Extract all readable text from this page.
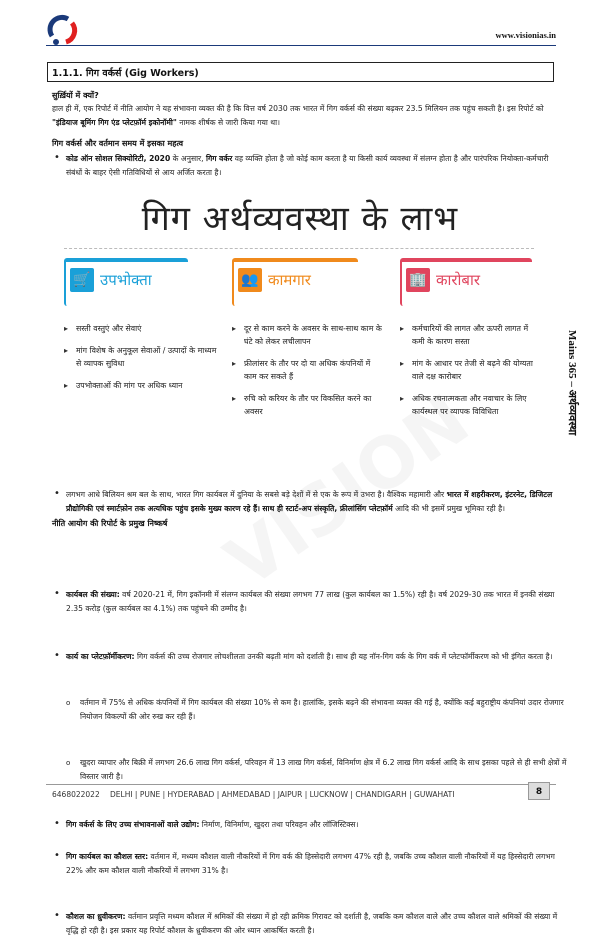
www.visionias.in
1.1.1. गिग वर्कर्स (Gig Workers)
सुर्ख़ियों में क्यों?
हाल ही में, एक रिपोर्ट में नीति आयोग ने यह संभावना व्यक्त की है कि वित्त वर्ष 2030 तक भारत में गिग वर्कर्स की संख्या बढ़कर 23.5 मिलियन तक पहुंच सकती है। इस रिपोर्ट को "इंडियाज बूमिंग गिग एंड प्लेटफ़ॉर्म इकोनॉमी" नामक शीर्षक से जारी किया गया था।
गिग वर्कर्स और वर्तमान समय में इसका महत्व
• कोड ऑन सोशल सिक्योरिटी, 2020 के अनुसार, गिग वर्कर वह व्यक्ति होता है जो कोई काम करता है या किसी कार्य व्यवस्था में संलग्न होता है और पारंपरिक नियोक्ता-कर्मचारी संबंधों के बाहर ऐसी गतिविधियों से आय अर्जित करता है।
गिग अर्थव्यवस्था के लाभ
🛒 उपभोक्ता	👥 कामगार	🏢 कारोबार
▸ सस्ती वस्तुएं और सेवाएं
▸ मांग विशेष के अनुकूल सेवाओं / उत्पादों के माध्यम से व्यापक सुविधा
▸ उपभोक्ताओं की मांग पर अधिक ध्यान
▸ दूर से काम करने के अवसर के साथ-साथ काम के घंटे को लेकर लचीलापन
▸ फ्रीलांसर के तौर पर दो या अधिक कंपनियों में काम कर सकते हैं
▸ रुचि को करियर के तौर पर विकसित करने का अवसर
▸ कर्मचारियों की लागत और ऊपरी लागत में कमी के कारण सस्ता
▸ मांग के आधार पर तेजी से बढ़ने की योग्यता वाले दक्ष कारोबार
▸ अधिक रचनात्मकता और नवाचार के लिए कार्यस्थल पर व्यापक विविधिता
• लगभग आधे बिलियन श्रम बल के साथ, भारत गिग कार्यबल में दुनिया के सबसे बड़े देशों में से एक के रूप में उभरा है। वैश्विक महामारी और भारत में शहरीकरण, इंटरनेट, डिजिटल प्रौद्योगिकी एवं स्मार्टफ़ोन तक अत्यधिक पहुंच इसके मुख्य कारण रहे हैं। साथ ही स्टार्ट-अप संस्कृति, फ्रीलांसिंग प्लेटफ़ॉर्म आदि की भी इसमें प्रमुख भूमिका रही है।
नीति आयोग की रिपोर्ट के प्रमुख निष्कर्ष
• कार्यबल की संख्या: वर्ष 2020-21 में, गिग इकॉनमी में संलग्न कार्यबल की संख्या लगभग 77 लाख (कुल कार्यबल का 1.5%) रही है। वर्ष 2029-30 तक भारत में इनकी संख्या 2.35 करोड़ (कुल कार्यबल का 4.1%) तक पहुंचने की उम्मीद है।
• कार्य का प्लेटफ़ॉर्मीकरण: गिग वर्कर्स की उच्च रोजगार लोचशीलता उनकी बढ़ती मांग को दर्शाती है। साथ ही यह नॉन-गिग वर्क के गिग वर्क में प्लेटफॉर्मीकरण को भी इंगित करता है।
o वर्तमान में 75% से अधिक कंपनियों में गिग कार्यबल की संख्या 10% से कम है। हालांकि, इसके बढ़ने की संभावना व्यक्त की गई है, क्योंकि कई बहुराष्ट्रीय कंपनियां उदार रोजगार नियोजन विकल्पों की ओर रुख कर रही हैं।
o खुदरा व्यापार और बिक्री में लगभग 26.6 लाख गिग वर्कर्स, परिवहन में 13 लाख गिग वर्कर्स, विनिर्माण क्षेत्र में 6.2 लाख गिग वर्कर्स आदि के साथ इसका पहले से ही सभी क्षेत्रों में विस्तार जारी है।
• गिग वर्कर्स के लिए उच्च संभावनाओं वाले उद्योग: निर्माण, विनिर्माण, खुदरा तथा परिवहन और लॉजिस्टिक्स।
• गिग कार्यबल का कौशल स्तर: वर्तमान में, मध्यम कौशल वाली नौकरियों में गिग वर्क की हिस्सेदारी लगभग 47% रही है, जबकि उच्च कौशल वाली नौकरियों में यह हिस्सेदारी लगभग 22% और कम कौशल वाली नौकरियों में लगभग 31% है।
• कौशल का ध्रुवीकरण: वर्तमान प्रवृत्ति मध्यम कौशल में श्रमिकों की संख्या में हो रही क्रमिक गिरावट को दर्शाती है, जबकि कम कौशल वाले और उच्च कौशल वाले श्रमिकों की संख्या में वृद्धि हो रही है। इस प्रकार यह रिपोर्ट कौशल के ध्रुवीकरण की ओर ध्यान आकर्षित करती है।
Mains 365 – अर्थव्यवस्था
6468022022 DELHI | PUNE | HYDERABAD | AHMEDABAD | JAIPUR | LUCKNOW | CHANDIGARH | GUWAHATI	8
